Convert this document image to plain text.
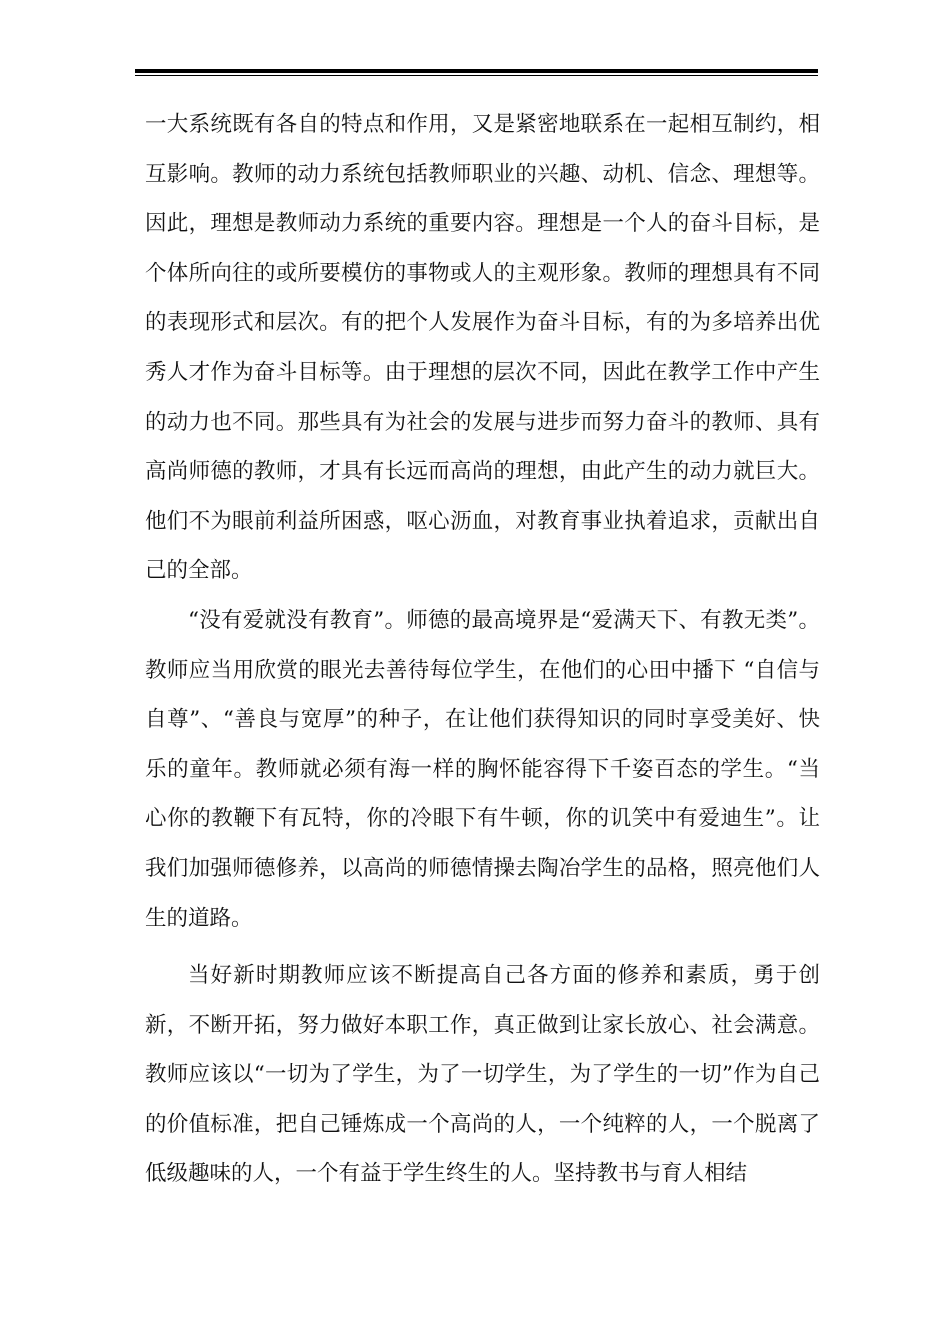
一大系统既有各自的特点和作用，又是紧密地联系在一起相互制约，相互影响。教师的动力系统包括教师职业的兴趣、动机、信念、理想等。因此，理想是教师动力系统的重要内容。理想是一个人的奋斗目标，是个体所向往的或所要模仿的事物或人的主观形象。教师的理想具有不同的表现形式和层次。有的把个人发展作为奋斗目标，有的为多培养出优秀人才作为奋斗目标等。由于理想的层次不同，因此在教学工作中产生的动力也不同。那些具有为社会的发展与进步而努力奋斗的教师、具有高尚师德的教师，才具有长远而高尚的理想，由此产生的动力就巨大。他们不为眼前利益所困惑，呕心沥血，对教育事业执着追求，贡献出自己的全部。

“没有爱就没有教育”。师德的最高境界是“爱满天下、有教无类”。教师应当用欣赏的眼光去善待每位学生，在他们的心田中播下 “自信与自尊”、“善良与宽厚”的种子，在让他们获得知识的同时享受美好、快乐的童年。教师就必须有海一样的胸怀能容得下千姿百态的学生。“当心你的教鞭下有瓦特，你的冷眼下有牛顿，你的讥笑中有爱迪生”。让我们加强师德修养，以高尚的师德情操去陶冶学生的品格，照亮他们人生的道路。

当好新时期教师应该不断提高自己各方面的修养和素质，勇于创新，不断开拓，努力做好本职工作，真正做到让家长放心、社会满意。教师应该以“一切为了学生，为了一切学生，为了学生的一切”作为自己的价值标准，把自己锤炼成一个高尚的人，一个纯粹的人，一个脱离了低级趣味的人，一个有益于学生终生的人。坚持教书与育人相结
